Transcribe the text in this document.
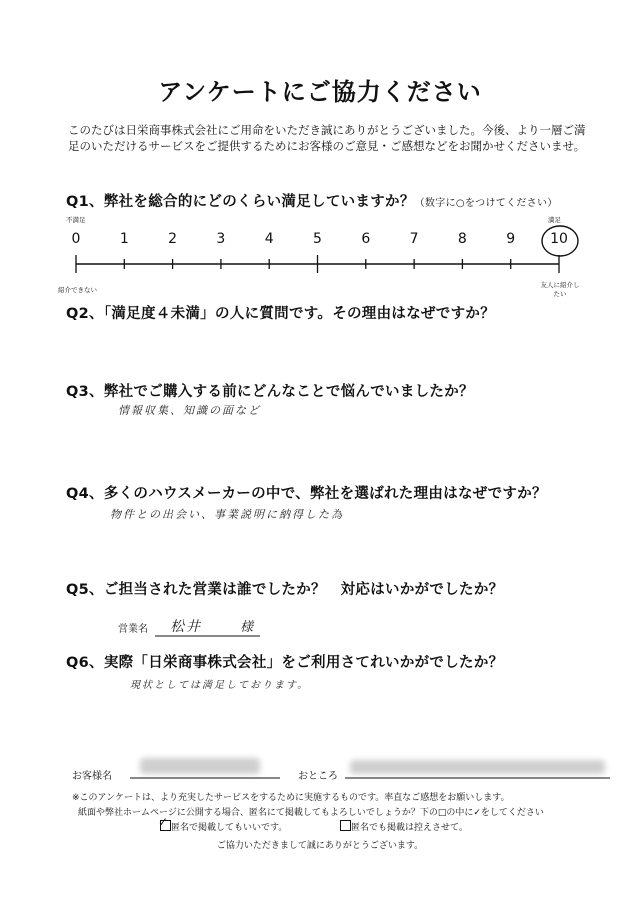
アンケートにご協力ください
このたびは日栄商事株式会社にご用命をいただき誠にありがとうございました。今後、より一層ご満足のいただけるサービスをご提供するためにお客様のご意見・ご感想などをお聞かせくださいませ。
Q1、弊社を総合的にどのくらい満足していますか？（数字に○をつけてください）
不満足	満足
紹介できない
友人に紹介したい
0	1	2	3	4	5	6	7	8	9	10
Q2、「満足度４未満」の人に質問です。その理由はなぜですか？
Q3、弊社でご購入する前にどんなことで悩んでいましたか？
情報収集、知識の面など
Q4、多くのハウスメーカーの中で、弊社を選ばれた理由はなぜですか？
物件との出会い、事業説明に納得した為
Q5、ご担当された営業は誰でしたか？　対応はいかがでしたか？
営業名 松井	様
Q6、実際「日栄商事株式会社」をご利用さてれいかがでしたか？
現状としては満足しております。
お客様名	おところ
※このアンケートは、より充実したサービスをするために実施するものです。率直なご感想をお願いします。
紙面や弊社ホームページに公開する場合、匿名にて掲載してもよろしいでしょうか？下の□の中に✓をしてください
✓ 匿名で掲載してもいいです。	匿名でも掲載は控えさせて。
ご協力いただきまして誠にありがとうございます。
